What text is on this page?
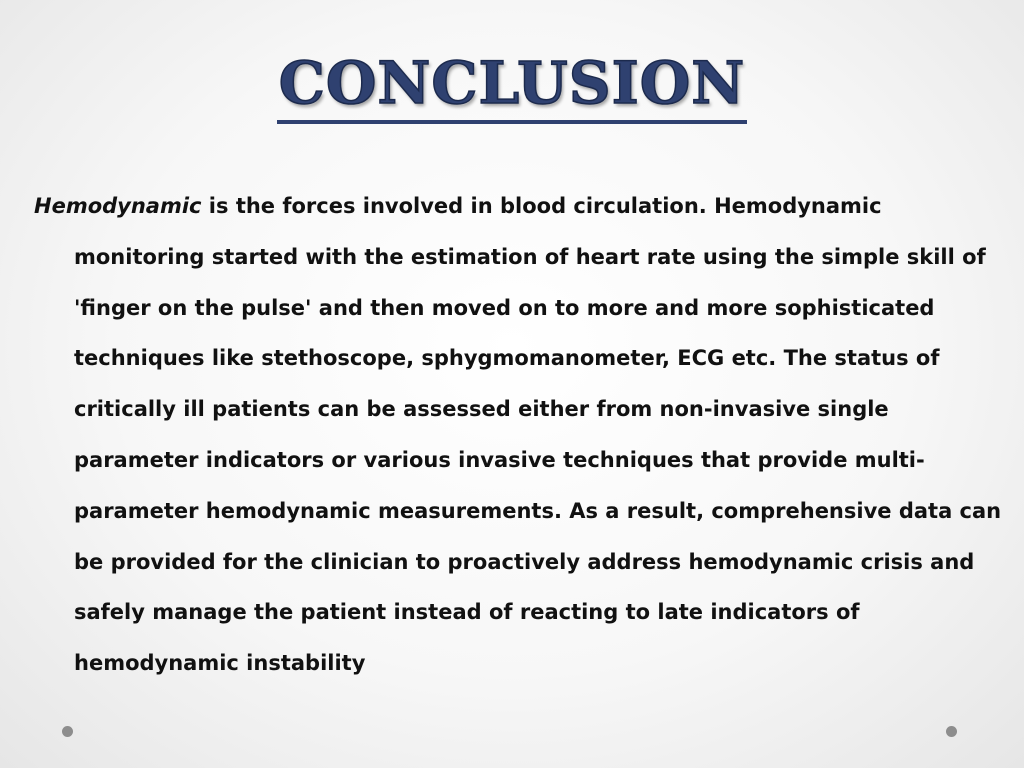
CONCLUSION

Hemodynamic is the forces involved in blood circulation. Hemodynamic monitoring started with the estimation of heart rate using the simple skill of 'finger on the pulse' and then moved on to more and more sophisticated techniques like stethoscope, sphygmomanometer, ECG etc. The status of critically ill patients can be assessed either from non-invasive single parameter indicators or various invasive techniques that provide multi-parameter hemodynamic measurements. As a result, comprehensive data can be provided for the clinician to proactively address hemodynamic crisis and safely manage the patient instead of reacting to late indicators of hemodynamic instability
